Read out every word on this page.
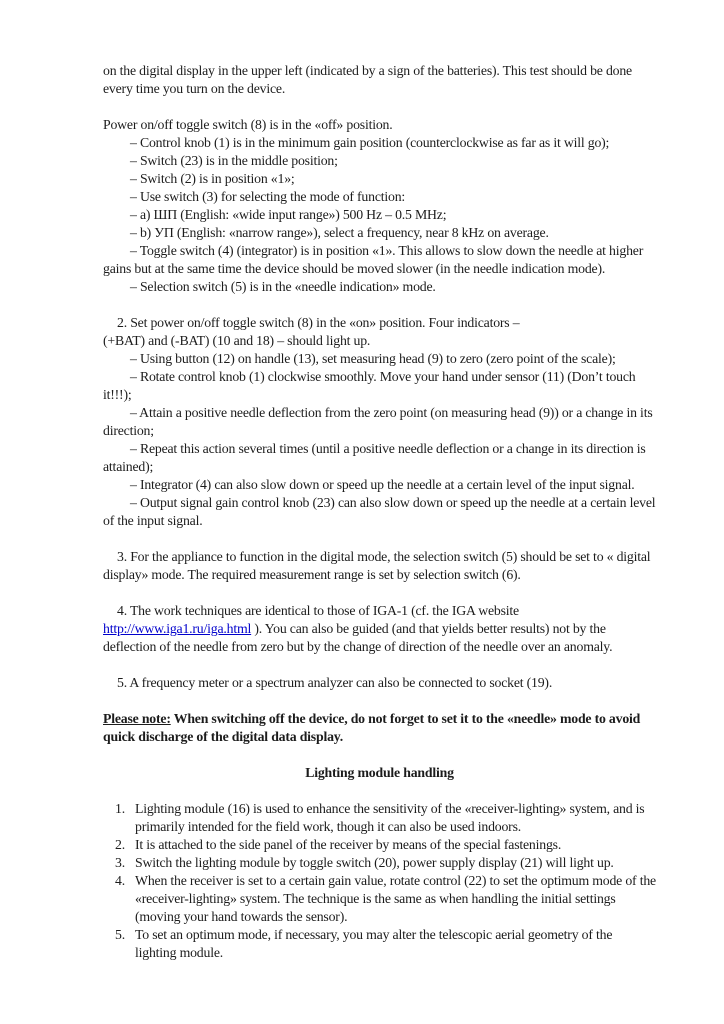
on the digital display in the upper left (indicated by a sign of the batteries). This test should be done every time you turn on the device.

Power on/off toggle switch (8) is in the «off» position.

– Control knob (1) is in the minimum gain position (counterclockwise as far as it will go);

– Switch (23) is in the middle position;

– Switch (2) is in position «1»;

– Use switch (3) for selecting the mode of function:

– a) ШП (English: «wide input range») 500 Hz – 0.5 MHz;

– b) УП (English: «narrow range»), select a frequency, near 8 kHz on average.

– Toggle switch (4) (integrator) is in position «1». This allows to slow down the needle at higher gains but at the same time the device should be moved slower (in the needle indication mode).

– Selection switch (5) is in the «needle indication» mode.

2. Set power on/off toggle switch (8) in the «on» position. Four indicators –

(+BAT) and (-BAT) (10 and 18) – should light up.

– Using button (12) on handle (13), set measuring head (9) to zero (zero point of the scale);

– Rotate control knob (1) clockwise smoothly. Move your hand under sensor (11) (Don’t touch it!!!);

– Attain a positive needle deflection from the zero point (on measuring head (9)) or a change in its direction;

– Repeat this action several times (until a positive needle deflection or a change in its direction is attained);

– Integrator (4) can also slow down or speed up the needle at a certain level of the input signal.

– Output signal gain control knob (23) can also slow down or speed up the needle at a certain level of the input signal.

3. For the appliance to function in the digital mode, the selection switch (5) should be set to « digital display» mode. The required measurement range is set by selection switch (6).

4. The work techniques are identical to those of IGA-1 (cf. the IGA website http://www.iga1.ru/iga.html ). You can also be guided (and that yields better results) not by the deflection of the needle from zero but by the change of direction of the needle over an anomaly.

5. A frequency meter or a spectrum analyzer can also be connected to socket (19).

Please note: When switching off the device, do not forget to set it to the «needle» mode to avoid quick discharge of the digital data display.

Lighting module handling
1. Lighting module (16) is used to enhance the sensitivity of the «receiver-lighting» system, and is primarily intended for the field work, though it can also be used indoors.
2. It is attached to the side panel of the receiver by means of the special fastenings.
3. Switch the lighting module by toggle switch (20), power supply display (21) will light up.
4. When the receiver is set to a certain gain value, rotate control (22) to set the optimum mode of the «receiver-lighting» system. The technique is the same as when handling the initial settings (moving your hand towards the sensor).
5. To set an optimum mode, if necessary, you may alter the telescopic aerial geometry of the lighting module.
